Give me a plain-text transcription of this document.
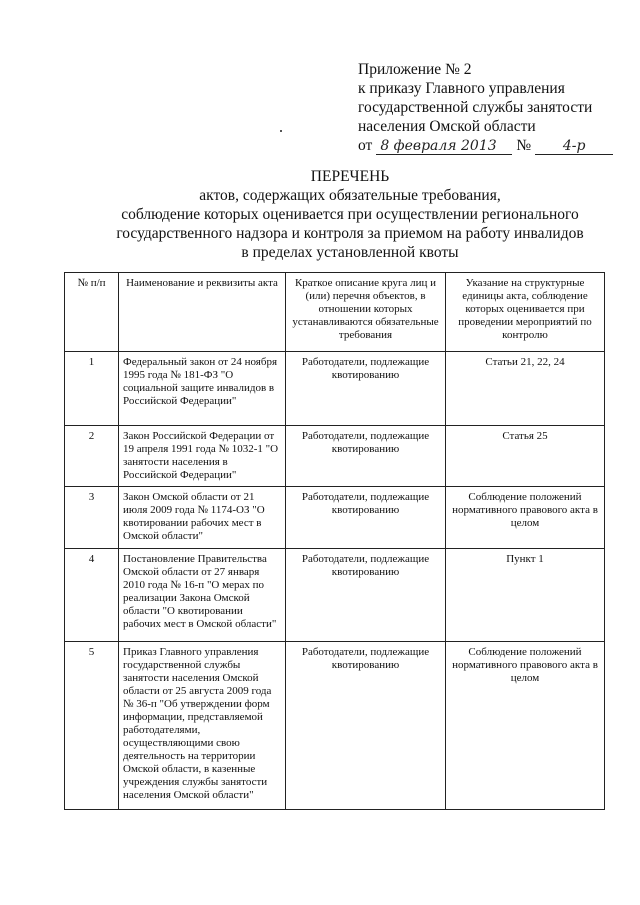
Приложение № 2
к приказу Главного управления
государственной службы занятости
населения Омской области
от 8 февраля 2013	№	4-р
ПЕРЕЧЕНЬ
актов, содержащих обязательные требования,
соблюдение которых оценивается при осуществлении регионального
государственного надзора и контроля за приемом на работу инвалидов
в пределах установленной квоты
№ п/п	Наименование и реквизиты акта	Краткое описание круга лиц и (или) перечня объектов, в отношении которых устанавливаются обязательные требования	Указание на структурные единицы акта, соблюдение которых оценивается при проведении мероприятий по контролю
1	Федеральный закон от 24 ноября 1995 года № 181-ФЗ "О социальной защите инвалидов в Российской Федерации"	Работодатели, подлежащие квотированию	Статьи 21, 22, 24
2	Закон Российской Федерации от 19 апреля 1991 года № 1032-1 "О занятости населения в Российской Федерации"	Работодатели, подлежащие квотированию	Статья 25
3	Закон Омской области от 21 июля 2009 года № 1174-ОЗ "О квотировании рабочих мест в Омской области"	Работодатели, подлежащие квотированию	Соблюдение положений нормативного правового акта в целом
4	Постановление Правительства Омской области от 27 января 2010 года № 16-п "О мерах по реализации Закона Омской области "О квотировании рабочих мест в Омской области"	Работодатели, подлежащие квотированию	Пункт 1
5	Приказ Главного управления государственной службы занятости населения Омской области от 25 августа 2009 года № 36-п "Об утверждении форм информации, представляемой работодателями, осуществляющими свою деятельность на территории Омской области, в казенные учреждения службы занятости населения Омской области"	Работодатели, подлежащие квотированию	Соблюдение положений нормативного правового акта в целом
